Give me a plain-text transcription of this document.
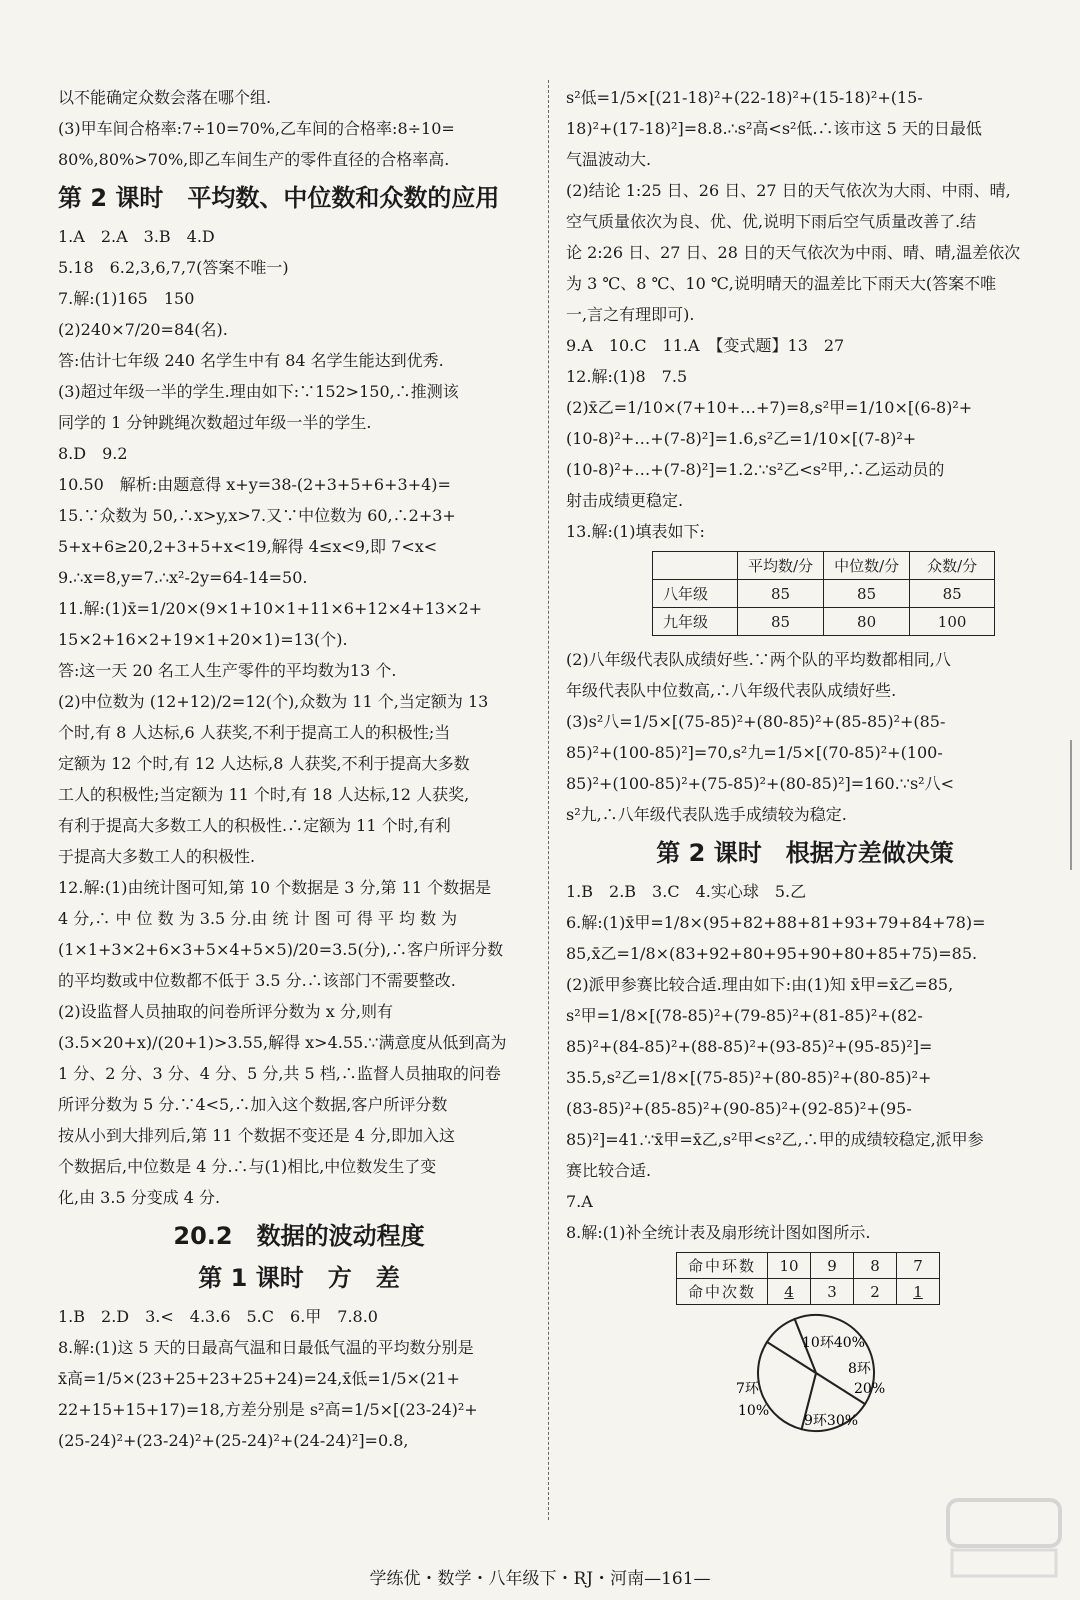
以不能确定众数会落在哪个组.
(3)甲车间合格率:7÷10=70%,乙车间的合格率:8÷10=
80%,80%>70%,即乙车间生产的零件直径的合格率高.
第 2 课时　平均数、中位数和众数的应用
1.A　2.A　3.B　4.D
5.18　6.2,3,6,7,7(答案不唯一)
7.解:(1)165　150
(2)240×7/20=84(名).
答:估计七年级 240 名学生中有 84 名学生能达到优秀.
(3)超过年级一半的学生.理由如下:∵152>150,∴推测该
同学的 1 分钟跳绳次数超过年级一半的学生.
8.D　9.2
10.50　解析:由题意得 x+y=38-(2+3+5+6+3+4)=
15.∵众数为 50,∴x>y,x>7.又∵中位数为 60,∴2+3+
5+x+6≥20,2+3+5+x<19,解得 4≤x<9,即 7<x<
9.∴x=8,y=7.∴x²-2y=64-14=50.
11.解:(1)x̄=1/20×(9×1+10×1+11×6+12×4+13×2+
15×2+16×2+19×1+20×1)=13(个).
答:这一天 20 名工人生产零件的平均数为13 个.
(2)中位数为 (12+12)/2=12(个),众数为 11 个,当定额为 13
个时,有 8 人达标,6 人获奖,不利于提高工人的积极性;当
定额为 12 个时,有 12 人达标,8 人获奖,不利于提高大多数
工人的积极性;当定额为 11 个时,有 18 人达标,12 人获奖,
有利于提高大多数工人的积极性.∴定额为 11 个时,有利
于提高大多数工人的积极性.
12.解:(1)由统计图可知,第 10 个数据是 3 分,第 11 个数据是
4 分,∴ 中 位 数 为 3.5 分.由 统 计 图 可 得 平 均 数 为
(1×1+3×2+6×3+5×4+5×5)/20=3.5(分),∴客户所评分数
的平均数或中位数都不低于 3.5 分.∴该部门不需要整改.
(2)设监督人员抽取的问卷所评分数为 x 分,则有
(3.5×20+x)/(20+1)>3.55,解得 x>4.55.∵满意度从低到高为
1 分、2 分、3 分、4 分、5 分,共 5 档,∴监督人员抽取的问卷
所评分数为 5 分.∵4<5,∴加入这个数据,客户所评分数
按从小到大排列后,第 11 个数据不变还是 4 分,即加入这
个数据后,中位数是 4 分.∴与(1)相比,中位数发生了变
化,由 3.5 分变成 4 分.
20.2　数据的波动程度
第 1 课时　方　差
1.B　2.D　3.<　4.3.6　5.C　6.甲　7.8.0
8.解:(1)这 5 天的日最高气温和日最低气温的平均数分别是
x̄高=1/5×(23+25+23+25+24)=24,x̄低=1/5×(21+
22+15+15+17)=18,方差分别是 s²高=1/5×[(23-24)²+
(25-24)²+(23-24)²+(25-24)²+(24-24)²]=0.8,
s²低=1/5×[(21-18)²+(22-18)²+(15-18)²+(15-
18)²+(17-18)²]=8.8.∴s²高<s²低.∴该市这 5 天的日最低
气温波动大.
(2)结论 1:25 日、26 日、27 日的天气依次为大雨、中雨、晴,
空气质量依次为良、优、优,说明下雨后空气质量改善了.结
论 2:26 日、27 日、28 日的天气依次为中雨、晴、晴,温差依次
为 3 ℃、8 ℃、10 ℃,说明晴天的温差比下雨天大(答案不唯
一,言之有理即可).
9.A　10.C　11.A　【变式题】13　27
12.解:(1)8　7.5
(2)x̄乙=1/10×(7+10+…+7)=8,s²甲=1/10×[(6-8)²+
(10-8)²+…+(7-8)²]=1.6,s²乙=1/10×[(7-8)²+
(10-8)²+…+(7-8)²]=1.2.∵s²乙<s²甲,∴乙运动员的
射击成绩更稳定.
13.解:(1)填表如下:
	平均数/分	中位数/分	众数/分
八年级	85	85	85
九年级	85	80	100
(2)八年级代表队成绩好些.∵两个队的平均数都相同,八
年级代表队中位数高,∴八年级代表队成绩好些.
(3)s²八=1/5×[(75-85)²+(80-85)²+(85-85)²+(85-
85)²+(100-85)²]=70,s²九=1/5×[(70-85)²+(100-
85)²+(100-85)²+(75-85)²+(80-85)²]=160.∵s²八<
s²九,∴八年级代表队选手成绩较为稳定.
第 2 课时　根据方差做决策
1.B　2.B　3.C　4.实心球　5.乙
6.解:(1)x̄甲=1/8×(95+82+88+81+93+79+84+78)=
85,x̄乙=1/8×(83+92+80+95+90+80+85+75)=85.
(2)派甲参赛比较合适.理由如下:由(1)知 x̄甲=x̄乙=85,
s²甲=1/8×[(78-85)²+(79-85)²+(81-85)²+(82-
85)²+(84-85)²+(88-85)²+(93-85)²+(95-85)²]=
35.5,s²乙=1/8×[(75-85)²+(80-85)²+(80-85)²+
(83-85)²+(85-85)²+(90-85)²+(92-85)²+(95-
85)²]=41.∵x̄甲=x̄乙,s²甲<s²乙,∴甲的成绩较稳定,派甲参
赛比较合适.
7.A
8.解:(1)补全统计表及扇形统计图如图所示.
命中环数	10	9	8	7
命中次数	4	3	2	1
10环40%
8环
20%
9环30%
7环
10%
学练优・数学・八年级下・RJ・河南—161—
